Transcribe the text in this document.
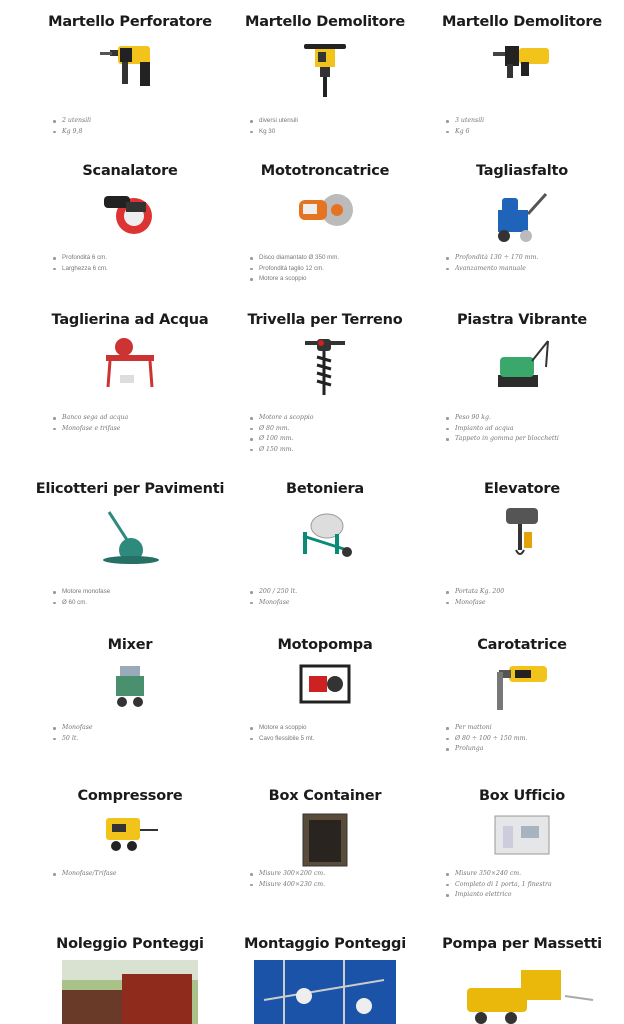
Martello Perforatore
2 utensili
Kg 9,8
Martello Demolitore
diversi utensili
Kg 30
Martello Demolitore
3 utensili
Kg 6
Scanalatore
Profondità 6 cm.
Larghezza 6 cm.
Mototroncatrice
Disco diamantato Ø 350 mm.
Profondità taglio 12 cm.
Motore a scoppio
Tagliasfalto
Profondità 130 ÷ 170 mm.
Avanzamento manuale
Taglierina ad Acqua
Banco sega ad acqua
Monofase e trifase
Trivella per Terreno
Motore a scoppio
Ø 80 mm.
Ø 100 mm.
Ø 150 mm.
Piastra Vibrante
Peso 90 kg.
Impianto ad acqua
Tappeto in gomma per blocchetti
Elicotteri per Pavimenti
Motore monofase
Ø 60 cm.
Betoniera
200 / 250 lt.
Monofase
Elevatore
Portata Kg. 200
Monofase
Mixer
Monofase
50 lt.
Motopompa
Motore a scoppio
Cavo flessibile 5 mt.
Carotatrice
Per mattoni
Ø 80 ÷ 100 ÷ 150 mm.
Prolunga
Compressore
Monofase/Trifase
Box Container
Misure 300×200 cm.
Misure 400×230 cm.
Box Ufficio
Misure 350×240 cm.
Completo di 1 porta, 1 finestra
Impianto elettrico
Noleggio Ponteggi	Montaggio Ponteggi	Pompa per Massetti
